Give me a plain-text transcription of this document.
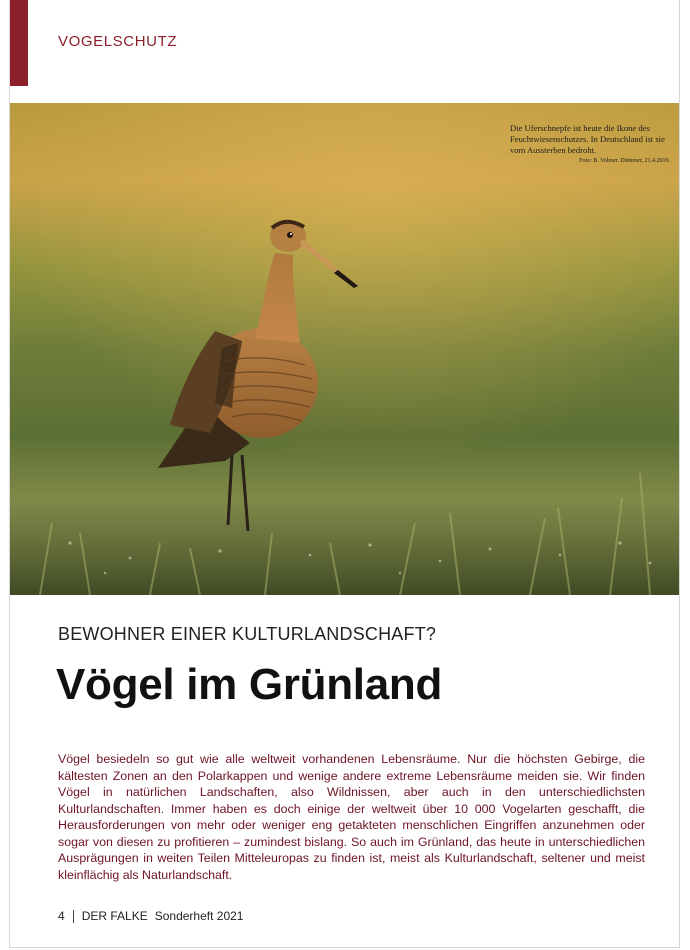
VOGELSCHUTZ
Die Uferschnepfe ist heute die Ikone des Feuchtwiesenschutzes. In Deutschland ist sie vom Aussterben bedroht.
Foto: B. Volmer. Dümmer, 21.4.2019.
BEWOHNER EINER KULTURLANDSCHAFT?
Vögel im Grünland

Vögel besiedeln so gut wie alle weltweit vorhandenen Lebensräume. Nur die höchsten Gebirge, die kältesten Zonen an den Polarkappen und wenige andere extreme Lebensräume meiden sie. Wir finden Vögel in natürlichen Landschaften, also Wildnissen, aber auch in den unterschiedlichsten Kulturlandschaften. Immer haben es doch einige der weltweit über 10 000 Vogelarten geschafft, die Herausforderungen von mehr oder weniger eng getakteten menschlichen Eingriffen anzunehmen oder sogar von diesen zu profitieren – zumindest bislang. So auch im Grünland, das heute in unterschiedlichen Ausprägungen in weiten Teilen Mitteleuropas zu finden ist, meist als Kulturlandschaft, seltener und meist kleinflächig als Naturlandschaft.

4 DER FALKE Sonderheft 2021
